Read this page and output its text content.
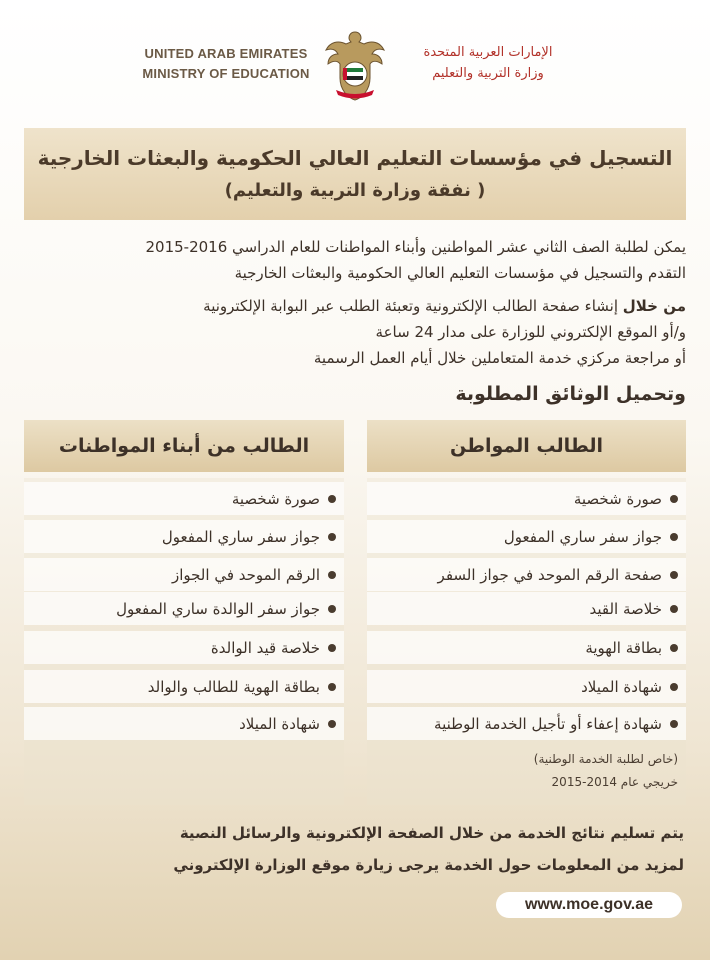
UNITED ARAB EMIRATES
MINISTRY OF EDUCATION
الإمارات العربية المتحدة
وزارة التربية والتعليم
التسجيل في مؤسسات التعليم العالي الحكومية والبعثات الخارجية
( نفقة وزارة التربية والتعليم)
يمكن لطلبة الصف الثاني عشر المواطنين وأبناء المواطنات للعام الدراسي 2016-2015
التقدم والتسجيل في مؤسسات التعليم العالي الحكومية والبعثات الخارجية
من خلال إنشاء صفحة الطالب الإلكترونية وتعبئة الطلب عبر البوابة الإلكترونية
و/أو الموقع الإلكتروني للوزارة على مدار 24 ساعة
أو مراجعة مركزي خدمة المتعاملين خلال أيام العمل الرسمية
وتحميل الوثائق المطلوبة
الطالب المواطن
الطالب من أبناء المواطنات
صورة شخصية
جواز سفر ساري المفعول
صفحة الرقم الموحد في جواز السفر
خلاصة القيد
بطاقة الهوية
شهادة الميلاد
شهادة إعفاء أو تأجيل الخدمة الوطنية
(خاص لطلبة الخدمة الوطنية)
خريجي عام 2014-2015
صورة شخصية
جواز سفر ساري المفعول
الرقم الموحد في الجواز
جواز سفر الوالدة ساري المفعول
خلاصة قيد الوالدة
بطاقة الهوية للطالب والوالد
شهادة الميلاد
يتم تسليم نتائج الخدمة من خلال الصفحة الإلكترونية والرسائل النصية
لمزيد من المعلومات حول الخدمة يرجى زيارة موقع الوزارة الإلكتروني
www.moe.gov.ae
